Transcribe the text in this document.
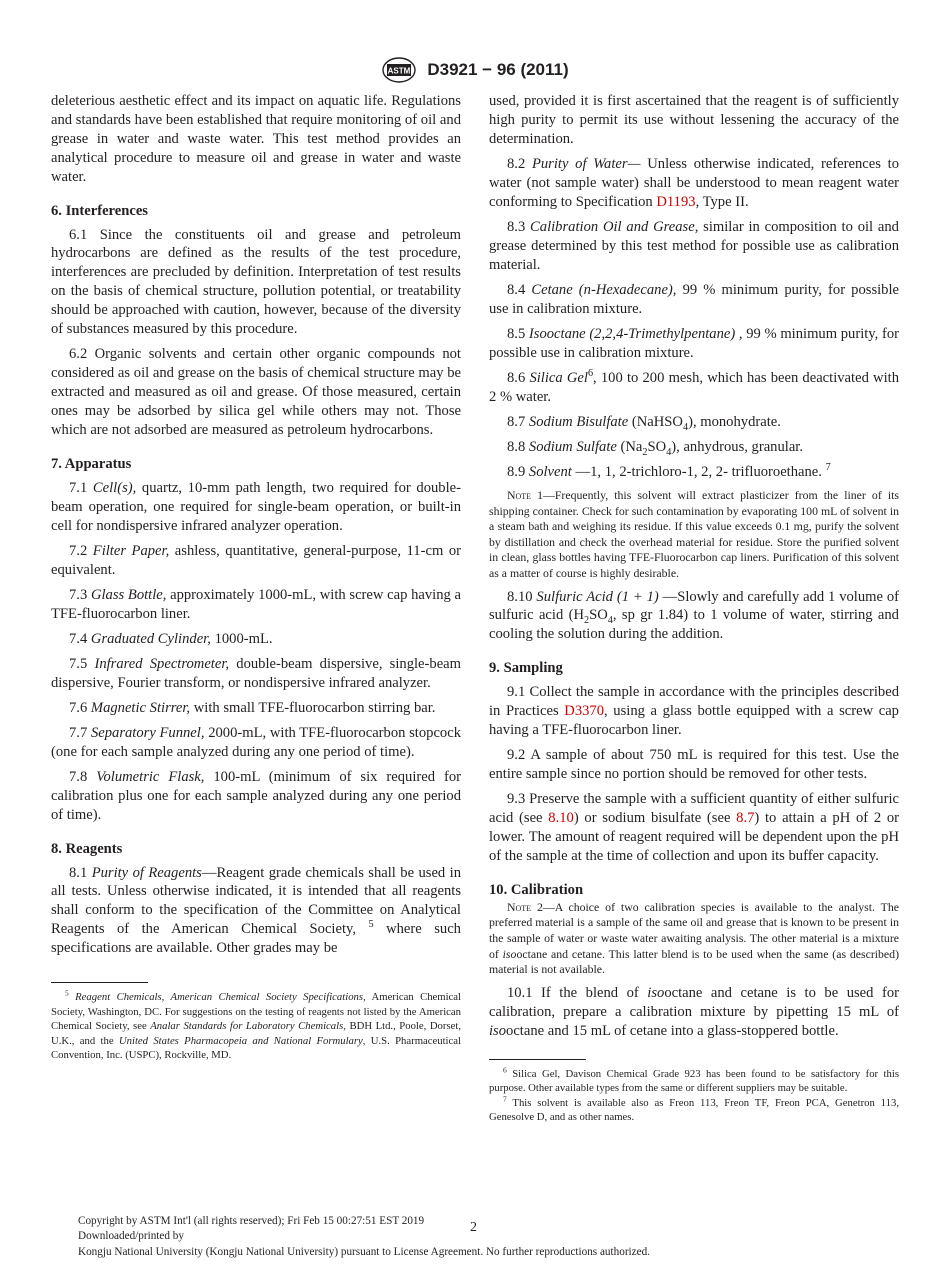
ASTM D3921 − 96 (2011)

deleterious aesthetic effect and its impact on aquatic life. Regulations and standards have been established that require monitoring of oil and grease in water and waste water. This test method provides an analytical procedure to measure oil and grease in water and waste water.

6. Interferences

6.1 Since the constituents oil and grease and petroleum hydrocarbons are defined as the results of the test procedure, interferences are precluded by definition. Interpretation of test results on the basis of chemical structure, pollution potential, or treatability should be approached with caution, however, because of the diversity of substances measured by this procedure.

6.2 Organic solvents and certain other organic compounds not considered as oil and grease on the basis of chemical structure may be extracted and measured as oil and grease. Of those measured, certain ones may be adsorbed by silica gel while others may not. Those which are not adsorbed are measured as petroleum hydrocarbons.

7. Apparatus

7.1 Cell(s), quartz, 10-mm path length, two required for double-beam operation, one required for single-beam operation, or built-in cell for nondispersive infrared analyzer operation.

7.2 Filter Paper, ashless, quantitative, general-purpose, 11-cm or equivalent.

7.3 Glass Bottle, approximately 1000-mL, with screw cap having a TFE-fluorocarbon liner.

7.4 Graduated Cylinder, 1000-mL.

7.5 Infrared Spectrometer, double-beam dispersive, single-beam dispersive, Fourier transform, or nondispersive infrared analyzer.

7.6 Magnetic Stirrer, with small TFE-fluorocarbon stirring bar.

7.7 Separatory Funnel, 2000-mL, with TFE-fluorocarbon stopcock (one for each sample analyzed during any one period of time).

7.8 Volumetric Flask, 100-mL (minimum of six required for calibration plus one for each sample analyzed during any one period of time).

8. Reagents

8.1 Purity of Reagents—Reagent grade chemicals shall be used in all tests. Unless otherwise indicated, it is intended that all reagents shall conform to the specification of the Committee on Analytical Reagents of the American Chemical Society, $^5$ where such specifications are available. Other grades may be

$^5$ Reagent Chemicals, American Chemical Society Specifications, American Chemical Society, Washington, DC. For suggestions on the testing of reagents not listed by the American Chemical Society, see Analar Standards for Laboratory Chemicals, BDH Ltd., Poole, Dorset, U.K., and the United States Pharmacopeia and National Formulary, U.S. Pharmaceutical Convention, Inc. (USPC), Rockville, MD.

used, provided it is first ascertained that the reagent is of sufficiently high purity to permit its use without lessening the accuracy of the determination.

8.2 Purity of Water— Unless otherwise indicated, references to water (not sample water) shall be understood to mean reagent water conforming to Specification D1193, Type II.

8.3 Calibration Oil and Grease, similar in composition to oil and grease determined by this test method for possible use as calibration material.

8.4 Cetane (n-Hexadecane), 99 % minimum purity, for possible use in calibration mixture.

8.5 Isooctane (2,2,4-Trimethylpentane) , 99 % minimum purity, for possible use in calibration mixture.

8.6 Silica Gel$^6$, 100 to 200 mesh, which has been deactivated with 2 % water.

8.7 Sodium Bisulfate (NaHSO$_4$), monohydrate.

8.8 Sodium Sulfate $(Na_2SO_4)$, anhydrous, granular.

8.9 Solvent —1, 1, 2-trichloro-1, 2, 2- trifluoroethane. $^7$

Note 1—Frequently, this solvent will extract plasticizer from the liner of its shipping container. Check for such contamination by evaporating 100 mL of solvent in a steam bath and weighing its residue. If this value exceeds 0.1 mg, purify the solvent by distillation and check the overhead material for residue. Store the purified solvent in clean, glass bottles having TFE-Fluorocarbon cap liners. Purification of this solvent as a matter of course is highly desirable.

8.10 Sulfuric Acid (1 + 1) —Slowly and carefully add 1 volume of sulfuric acid ($H_2SO_4$, sp gr 1.84) to 1 volume of water, stirring and cooling the solution during the addition.

9. Sampling

9.1 Collect the sample in accordance with the principles described in Practices D3370, using a glass bottle equipped with a screw cap having a TFE-fluorocarbon liner.

9.2 A sample of about 750 mL is required for this test. Use the entire sample since no portion should be removed for other tests.

9.3 Preserve the sample with a sufficient quantity of either sulfuric acid (see 8.10) or sodium bisulfate (see 8.7) to attain a pH of 2 or lower. The amount of reagent required will be dependent upon the pH of the sample at the time of collection and upon its buffer capacity.

10. Calibration

Note 2—A choice of two calibration species is available to the analyst. The preferred material is a sample of the same oil and grease that is known to be present in the sample of water or waste water awaiting analysis. The other material is a mixture of isooctane and cetane. This latter blend is to be used when the same (as described) material is not available.

10.1 If the blend of isooctane and cetane is to be used for calibration, prepare a calibration mixture by pipetting 15 mL of isooctane and 15 mL of cetane into a glass-stoppered bottle.

$^6$ Silica Gel, Davison Chemical Grade 923 has been found to be satisfactory for this purpose. Other available types from the same or different suppliers may be suitable.

$^7$ This solvent is available also as Freon 113, Freon TF, Freon PCA, Genetron 113, Genesolve D, and as other names.

2
Copyright by ASTM Int'l (all rights reserved); Fri Feb 15 00:27:51 EST 2019
Downloaded/printed by
Kongju National University (Kongju National University) pursuant to License Agreement. No further reproductions authorized.
